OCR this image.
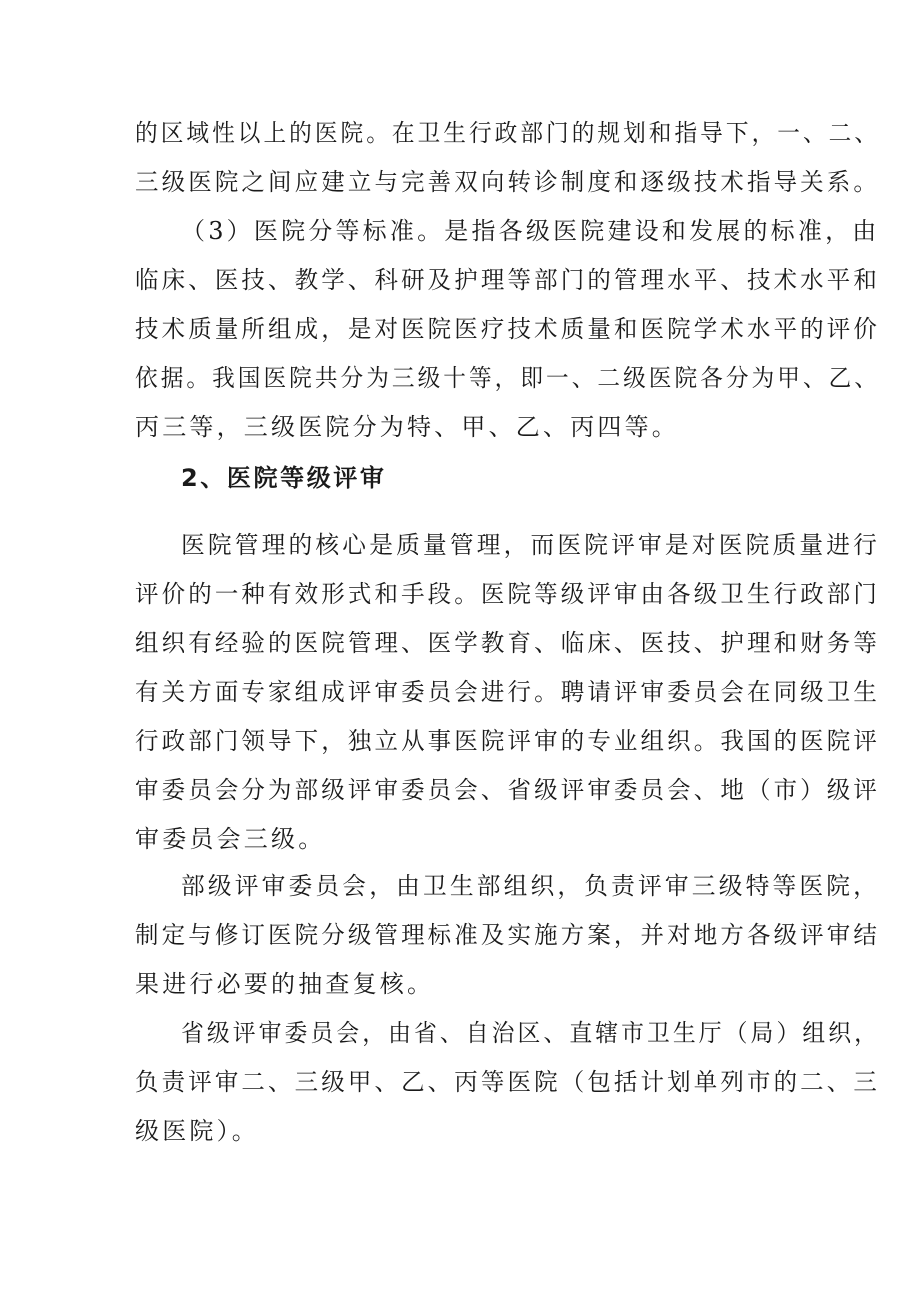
的区域性以上的医院。在卫生行政部门的规划和指导下，一、二、
三级医院之间应建立与完善双向转诊制度和逐级技术指导关系。
（3）医院分等标准。是指各级医院建设和发展的标准，由
临床、医技、教学、科研及护理等部门的管理水平、技术水平和
技术质量所组成，是对医院医疗技术质量和医院学术水平的评价
依据。我国医院共分为三级十等，即一、二级医院各分为甲、乙、
丙三等，三级医院分为特、甲、乙、丙四等。
2、医院等级评审
医院管理的核心是质量管理，而医院评审是对医院质量进行
评价的一种有效形式和手段。医院等级评审由各级卫生行政部门
组织有经验的医院管理、医学教育、临床、医技、护理和财务等
有关方面专家组成评审委员会进行。聘请评审委员会在同级卫生
行政部门领导下，独立从事医院评审的专业组织。我国的医院评
审委员会分为部级评审委员会、省级评审委员会、地（市）级评
审委员会三级。
部级评审委员会，由卫生部组织，负责评审三级特等医院，
制定与修订医院分级管理标准及实施方案，并对地方各级评审结
果进行必要的抽查复核。
省级评审委员会，由省、自治区、直辖市卫生厅（局）组织，
负责评审二、三级甲、乙、丙等医院（包括计划单列市的二、三
级医院）。
